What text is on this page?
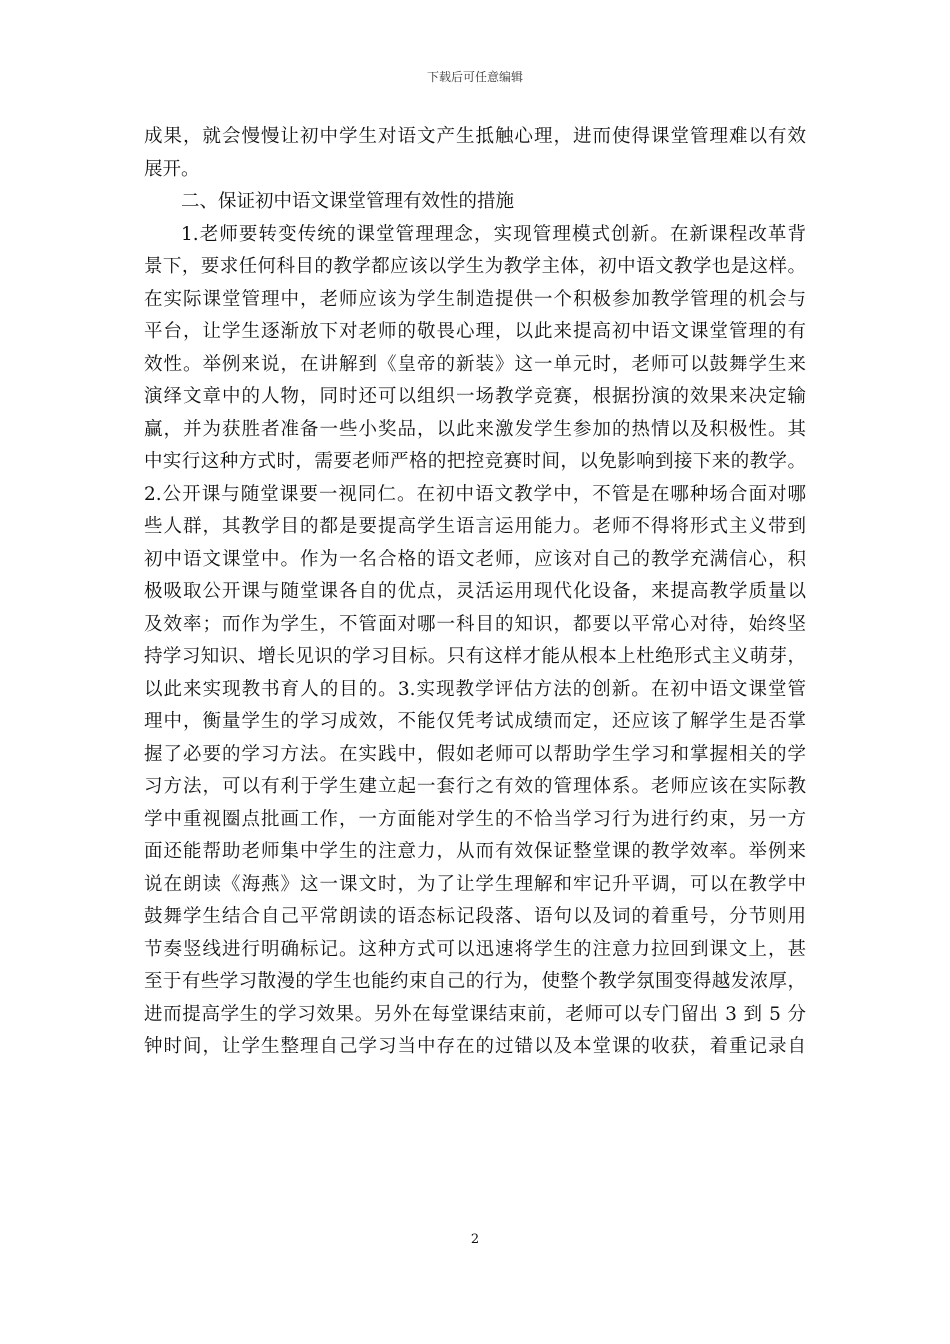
下载后可任意编辑
成果，就会慢慢让初中学生对语文产生抵触心理，进而使得课堂管理难以有效
展开。
二、保证初中语文课堂管理有效性的措施
1.老师要转变传统的课堂管理理念，实现管理模式创新。在新课程改革背
景下，要求任何科目的教学都应该以学生为教学主体，初中语文教学也是这样。
在实际课堂管理中，老师应该为学生制造提供一个积极参加教学管理的机会与
平台，让学生逐渐放下对老师的敬畏心理，以此来提高初中语文课堂管理的有
效性。举例来说，在讲解到《皇帝的新装》这一单元时，老师可以鼓舞学生来
演绎文章中的人物，同时还可以组织一场教学竞赛，根据扮演的效果来决定输
赢，并为获胜者准备一些小奖品，以此来激发学生参加的热情以及积极性。其
中实行这种方式时，需要老师严格的把控竞赛时间，以免影响到接下来的教学。
2.公开课与随堂课要一视同仁。在初中语文教学中，不管是在哪种场合面对哪
些人群，其教学目的都是要提高学生语言运用能力。老师不得将形式主义带到
初中语文课堂中。作为一名合格的语文老师，应该对自己的教学充满信心，积
极吸取公开课与随堂课各自的优点，灵活运用现代化设备，来提高教学质量以
及效率；而作为学生，不管面对哪一科目的知识，都要以平常心对待，始终坚
持学习知识、增长见识的学习目标。只有这样才能从根本上杜绝形式主义萌芽，
以此来实现教书育人的目的。3.实现教学评估方法的创新。在初中语文课堂管
理中，衡量学生的学习成效，不能仅凭考试成绩而定，还应该了解学生是否掌
握了必要的学习方法。在实践中，假如老师可以帮助学生学习和掌握相关的学
习方法，可以有利于学生建立起一套行之有效的管理体系。老师应该在实际教
学中重视圈点批画工作，一方面能对学生的不恰当学习行为进行约束，另一方
面还能帮助老师集中学生的注意力，从而有效保证整堂课的教学效率。举例来
说在朗读《海燕》这一课文时，为了让学生理解和牢记升平调，可以在教学中
鼓舞学生结合自己平常朗读的语态标记段落、语句以及词的着重号，分节则用
节奏竖线进行明确标记。这种方式可以迅速将学生的注意力拉回到课文上，甚
至于有些学习散漫的学生也能约束自己的行为，使整个教学氛围变得越发浓厚，
进而提高学生的学习效果。另外在每堂课结束前，老师可以专门留出 3 到 5 分
钟时间，让学生整理自己学习当中存在的过错以及本堂课的收获，着重记录自
2
